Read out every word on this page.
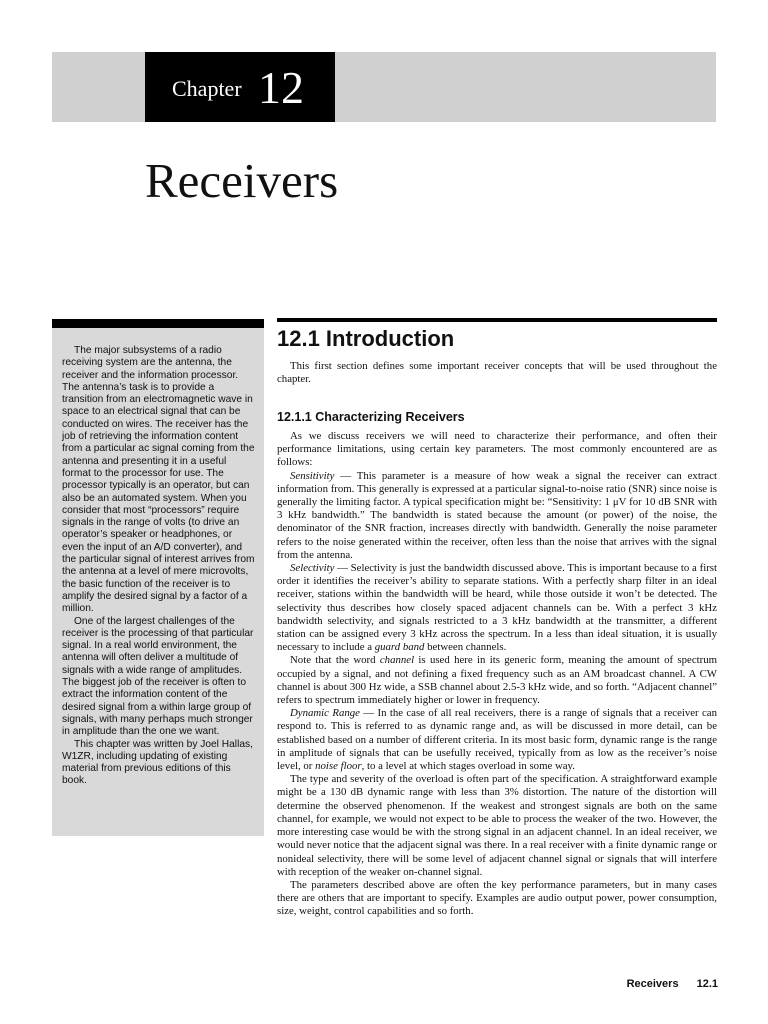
Chapter 12
Receivers

The major subsystems of a radio receiving system are the antenna, the receiver and the information processor. The antenna’s task is to provide a transition from an electromagnetic wave in space to an electrical signal that can be conducted on wires. The receiver has the job of retrieving the information content from a particular ac signal coming from the antenna and presenting it in a useful format to the processor for use. The processor typically is an operator, but can also be an automated system. When you consider that most “processors” require signals in the range of volts (to drive an operator’s speaker or headphones, or even the input of an A/D converter), and the particular signal of interest arrives from the antenna at a level of mere microvolts, the basic function of the receiver is to amplify the desired signal by a factor of a million.

One of the largest challenges of the receiver is the processing of that particular signal. In a real world environment, the antenna will often deliver a multitude of signals with a wide range of amplitudes. The biggest job of the receiver is often to extract the information content of the desired signal from a within large group of signals, with many perhaps much stronger in amplitude than the one we want.

This chapter was written by Joel Hallas, W1ZR, including updating of existing material from previous editions of this book.

12.1 Introduction

This first section defines some important receiver concepts that will be used throughout the chapter.

12.1.1 Characterizing Receivers

As we discuss receivers we will need to characterize their performance, and often their performance limitations, using certain key parameters. The most commonly encountered are as follows:

Sensitivity — This parameter is a measure of how weak a signal the receiver can extract information from. This generally is expressed at a particular signal-to-noise ratio (SNR) since noise is generally the limiting factor. A typical specification might be: “Sensitivity: 1 μV for 10 dB SNR with 3 kHz bandwidth.” The bandwidth is stated because the amount (or power) of the noise, the denominator of the SNR fraction, increases directly with bandwidth. Generally the noise parameter refers to the noise generated within the receiver, often less than the noise that arrives with the signal from the antenna.

Selectivity — Selectivity is just the bandwidth discussed above. This is important because to a first order it identifies the receiver’s ability to separate stations. With a perfectly sharp filter in an ideal receiver, stations within the bandwidth will be heard, while those outside it won’t be detected. The selectivity thus describes how closely spaced adjacent channels can be. With a perfect 3 kHz bandwidth selectivity, and signals restricted to a 3 kHz bandwidth at the transmitter, a different station can be assigned every 3 kHz across the spectrum. In a less than ideal situation, it is usually necessary to include a guard band between channels.

Note that the word channel is used here in its generic form, meaning the amount of spectrum occupied by a signal, and not defining a fixed frequency such as an AM broadcast channel. A CW channel is about 300 Hz wide, a SSB channel about 2.5-3 kHz wide, and so forth. “Adjacent channel” refers to spectrum immediately higher or lower in frequency.

Dynamic Range — In the case of all real receivers, there is a range of signals that a receiver can respond to. This is referred to as dynamic range and, as will be discussed in more detail, can be established based on a number of different criteria. In its most basic form, dynamic range is the range in amplitude of signals that can be usefully received, typically from as low as the receiver’s noise level, or noise floor, to a level at which stages overload in some way.

The type and severity of the overload is often part of the specification. A straightforward example might be a 130 dB dynamic range with less than 3% distortion. The nature of the distortion will determine the observed phenomenon. If the weakest and strongest signals are both on the same channel, for example, we would not expect to be able to process the weaker of the two. However, the more interesting case would be with the strong signal in an adjacent channel. In an ideal receiver, we would never notice that the adjacent signal was there. In a real receiver with a finite dynamic range or nonideal selectivity, there will be some level of adjacent channel signal or signals that will interfere with reception of the weaker on-channel signal.

The parameters described above are often the key performance parameters, but in many cases there are others that are important to specify. Examples are audio output power, power consumption, size, weight, control capabilities and so forth.

Receivers 12.1
